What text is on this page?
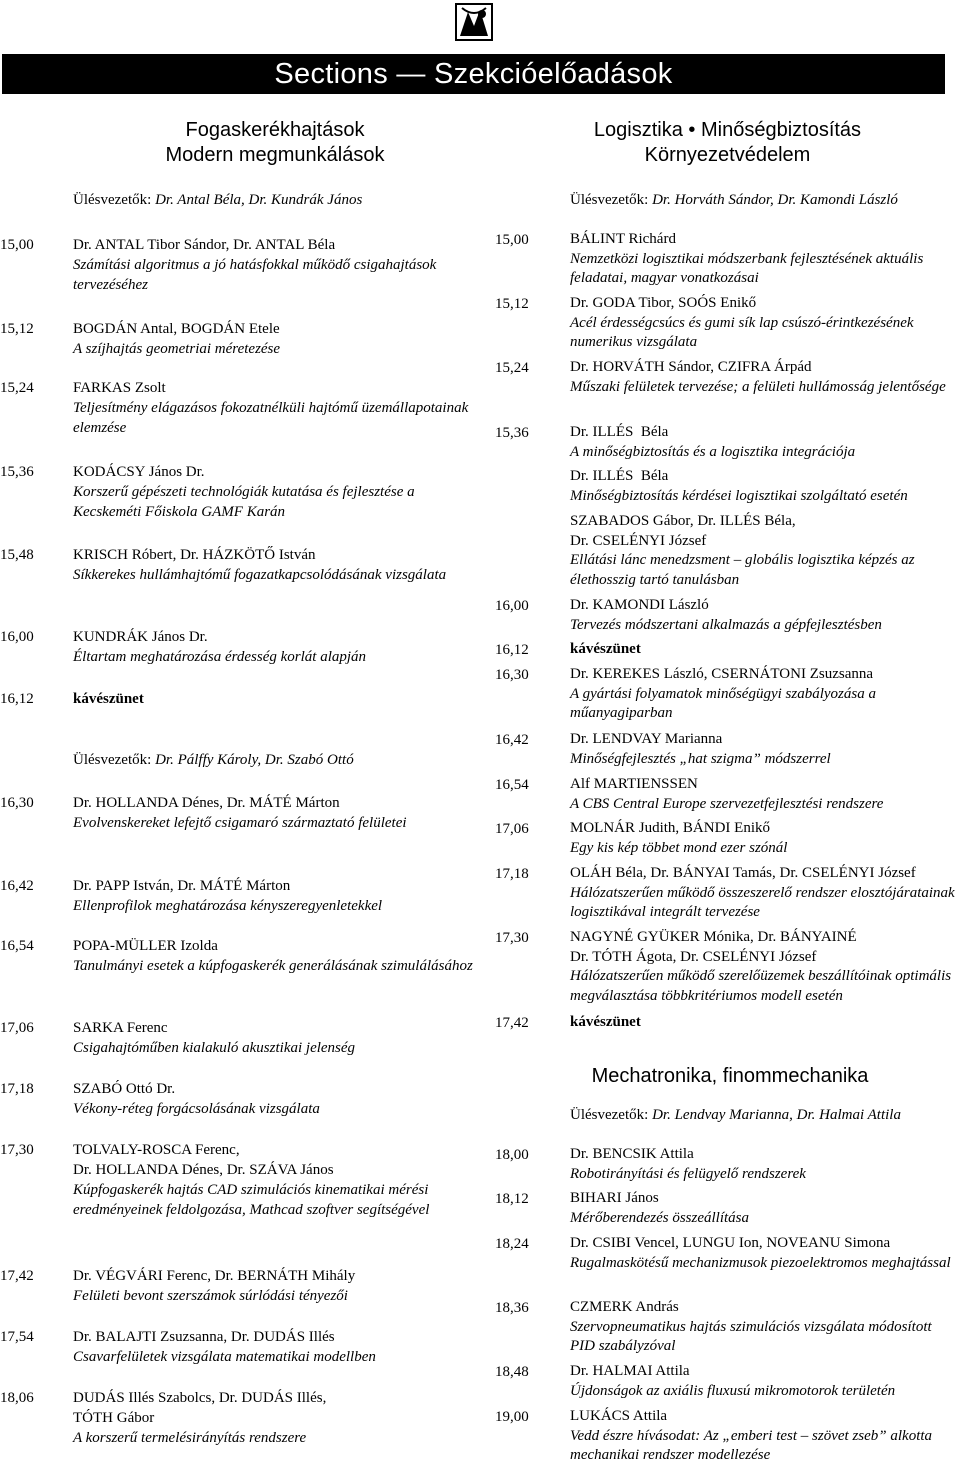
Sections — Szekcióelőadások
Fogaskerékhajtások
Modern megmunkálások
Ülésvezetők: Dr. Antal Béla, Dr. Kundrák János
Ülésvezetők: Dr. Pálffy Károly, Dr. Szabó Ottó
15,00	Dr. ANTAL Tibor Sándor, Dr. ANTAL Béla
Számítási algoritmus a jó hatásfokkal működő csigahajtások tervezéséhez
15,12	BOGDÁN Antal, BOGDÁN Etele
A szíjhajtás geometriai méretezése
15,24	FARKAS Zsolt
Teljesítmény elágazásos fokozatnélküli hajtómű üzemállapotainak elemzése
15,36	KODÁCSY János Dr.
Korszerű gépészeti technológiák kutatása és fejlesztése a Kecskeméti Főiskola GAMF Karán
15,48	KRISCH Róbert, Dr. HÁZKÖTŐ István
Síkkerekes hullámhajtómű fogazatkapcsolódásának vizsgálata
16,00	KUNDRÁK János Dr.
Éltartam meghatározása érdesség korlát alapján
16,12	kávészünet
16,30	Dr. HOLLANDA Dénes, Dr. MÁTÉ Márton
Evolvenskereket lefejtő csigamaró származtató felületei
16,42	Dr. PAPP István, Dr. MÁTÉ Márton
Ellenprofilok meghatározása kényszeregyenletekkel
16,54	POPA-MÜLLER Izolda
Tanulmányi esetek a kúpfogaskerék generálásának szimulálásához
17,06	SARKA Ferenc
Csigahajtóműben kialakuló akusztikai jelenség
17,18	SZABÓ Ottó Dr.
Vékony-réteg forgácsolásának vizsgálata
17,30	TOLVALY-ROSCA Ferenc,
Dr. HOLLANDA Dénes, Dr. SZÁVA János
Kúpfogaskerék hajtás CAD szimulációs kinematikai mérési eredményeinek feldolgozása, Mathcad szoftver segítségével
17,42	Dr. VÉGVÁRI Ferenc, Dr. BERNÁTH Mihály
Felületi bevont szerszámok súrlódási tényezői
17,54	Dr. BALAJTI Zsuzsanna, Dr. DUDÁS Illés
Csavarfelületek vizsgálata matematikai modellben
18,06	DUDÁS Illés Szabolcs, Dr. DUDÁS Illés,
TÓTH Gábor
A korszerű termelésirányítás rendszere
Logisztika • Minőségbiztosítás
Környezetvédelem
Ülésvezetők: Dr. Horváth Sándor, Dr. Kamondi László
Mechatronika, finommechanika
Ülésvezetők: Dr. Lendvay Marianna, Dr. Halmai Attila
15,00	BÁLINT Richárd
Nemzetközi logisztikai módszerbank fejlesztésének aktuális feladatai, magyar vonatkozásai
15,12	Dr. GODA Tibor, SOÓS Enikő
Acél érdességcsúcs és gumi sík lap csúszó-érintkezésének numerikus vizsgálata
15,24	Dr. HORVÁTH Sándor, CZIFRA Árpád
Műszaki felületek tervezése; a felületi hullámosság jelentősége
15,36	Dr. ILLÉS  Béla
A minőségbiztosítás és a logisztika integrációja
Dr. ILLÉS  Béla
Minőségbiztosítás kérdései logisztikai szolgáltató esetén
SZABADOS Gábor, Dr. ILLÉS Béla,
Dr. CSELÉNYI József
Ellátási lánc menedzsment – globális logisztika képzés az élethosszig tartó tanulásban
16,00	Dr. KAMONDI László
Tervezés módszertani alkalmazás a gépfejlesztésben
16,12	kávészünet
16,30	Dr. KEREKES László, CSERNÁTONI Zsuzsanna
A gyártási folyamatok minőségügyi szabályozása a műanyagiparban
16,42	Dr. LENDVAY Marianna
Minőségfejlesztés „hat szigma” módszerrel
16,54	Alf MARTIENSSEN
A CBS Central Europe szervezetfejlesztési rendszere
17,06	MOLNÁR Judith, BÁNDI Enikő
Egy kis kép többet mond ezer szónál
17,18	OLÁH Béla, Dr. BÁNYAI Tamás, Dr. CSELÉNYI József
Hálózatszerűen működő összeszerelő rendszer elosztójáratainak logisztikával integrált tervezése
17,30	NAGYNÉ GYÜKER Mónika, Dr. BÁNYAINÉ
Dr. TÓTH Ágota, Dr. CSELÉNYI József
Hálózatszerűen működő szerelőüzemek beszállítóinak optimális megválasztása többkritériumos modell esetén
17,42	kávészünet
18,00	Dr. BENCSIK Attila
Robotirányítási és felügyelő rendszerek
18,12	BIHARI János
Mérőberendezés összeállítása
18,24	Dr. CSIBI Vencel, LUNGU Ion, NOVEANU Simona
Rugalmaskötésű mechanizmusok piezoelektromos meghajtással
18,36	CZMERK András
Szervopneumatikus hajtás szimulációs vizsgálata módosított PID szabályzóval
18,48	Dr. HALMAI Attila
Újdonságok az axiális fluxusú mikromotorok területén
19,00	LUKÁCS Attila
Vedd észre hívásodat: Az „emberi test – szövet zseb” alkotta mechanikai rendszer modellezése
